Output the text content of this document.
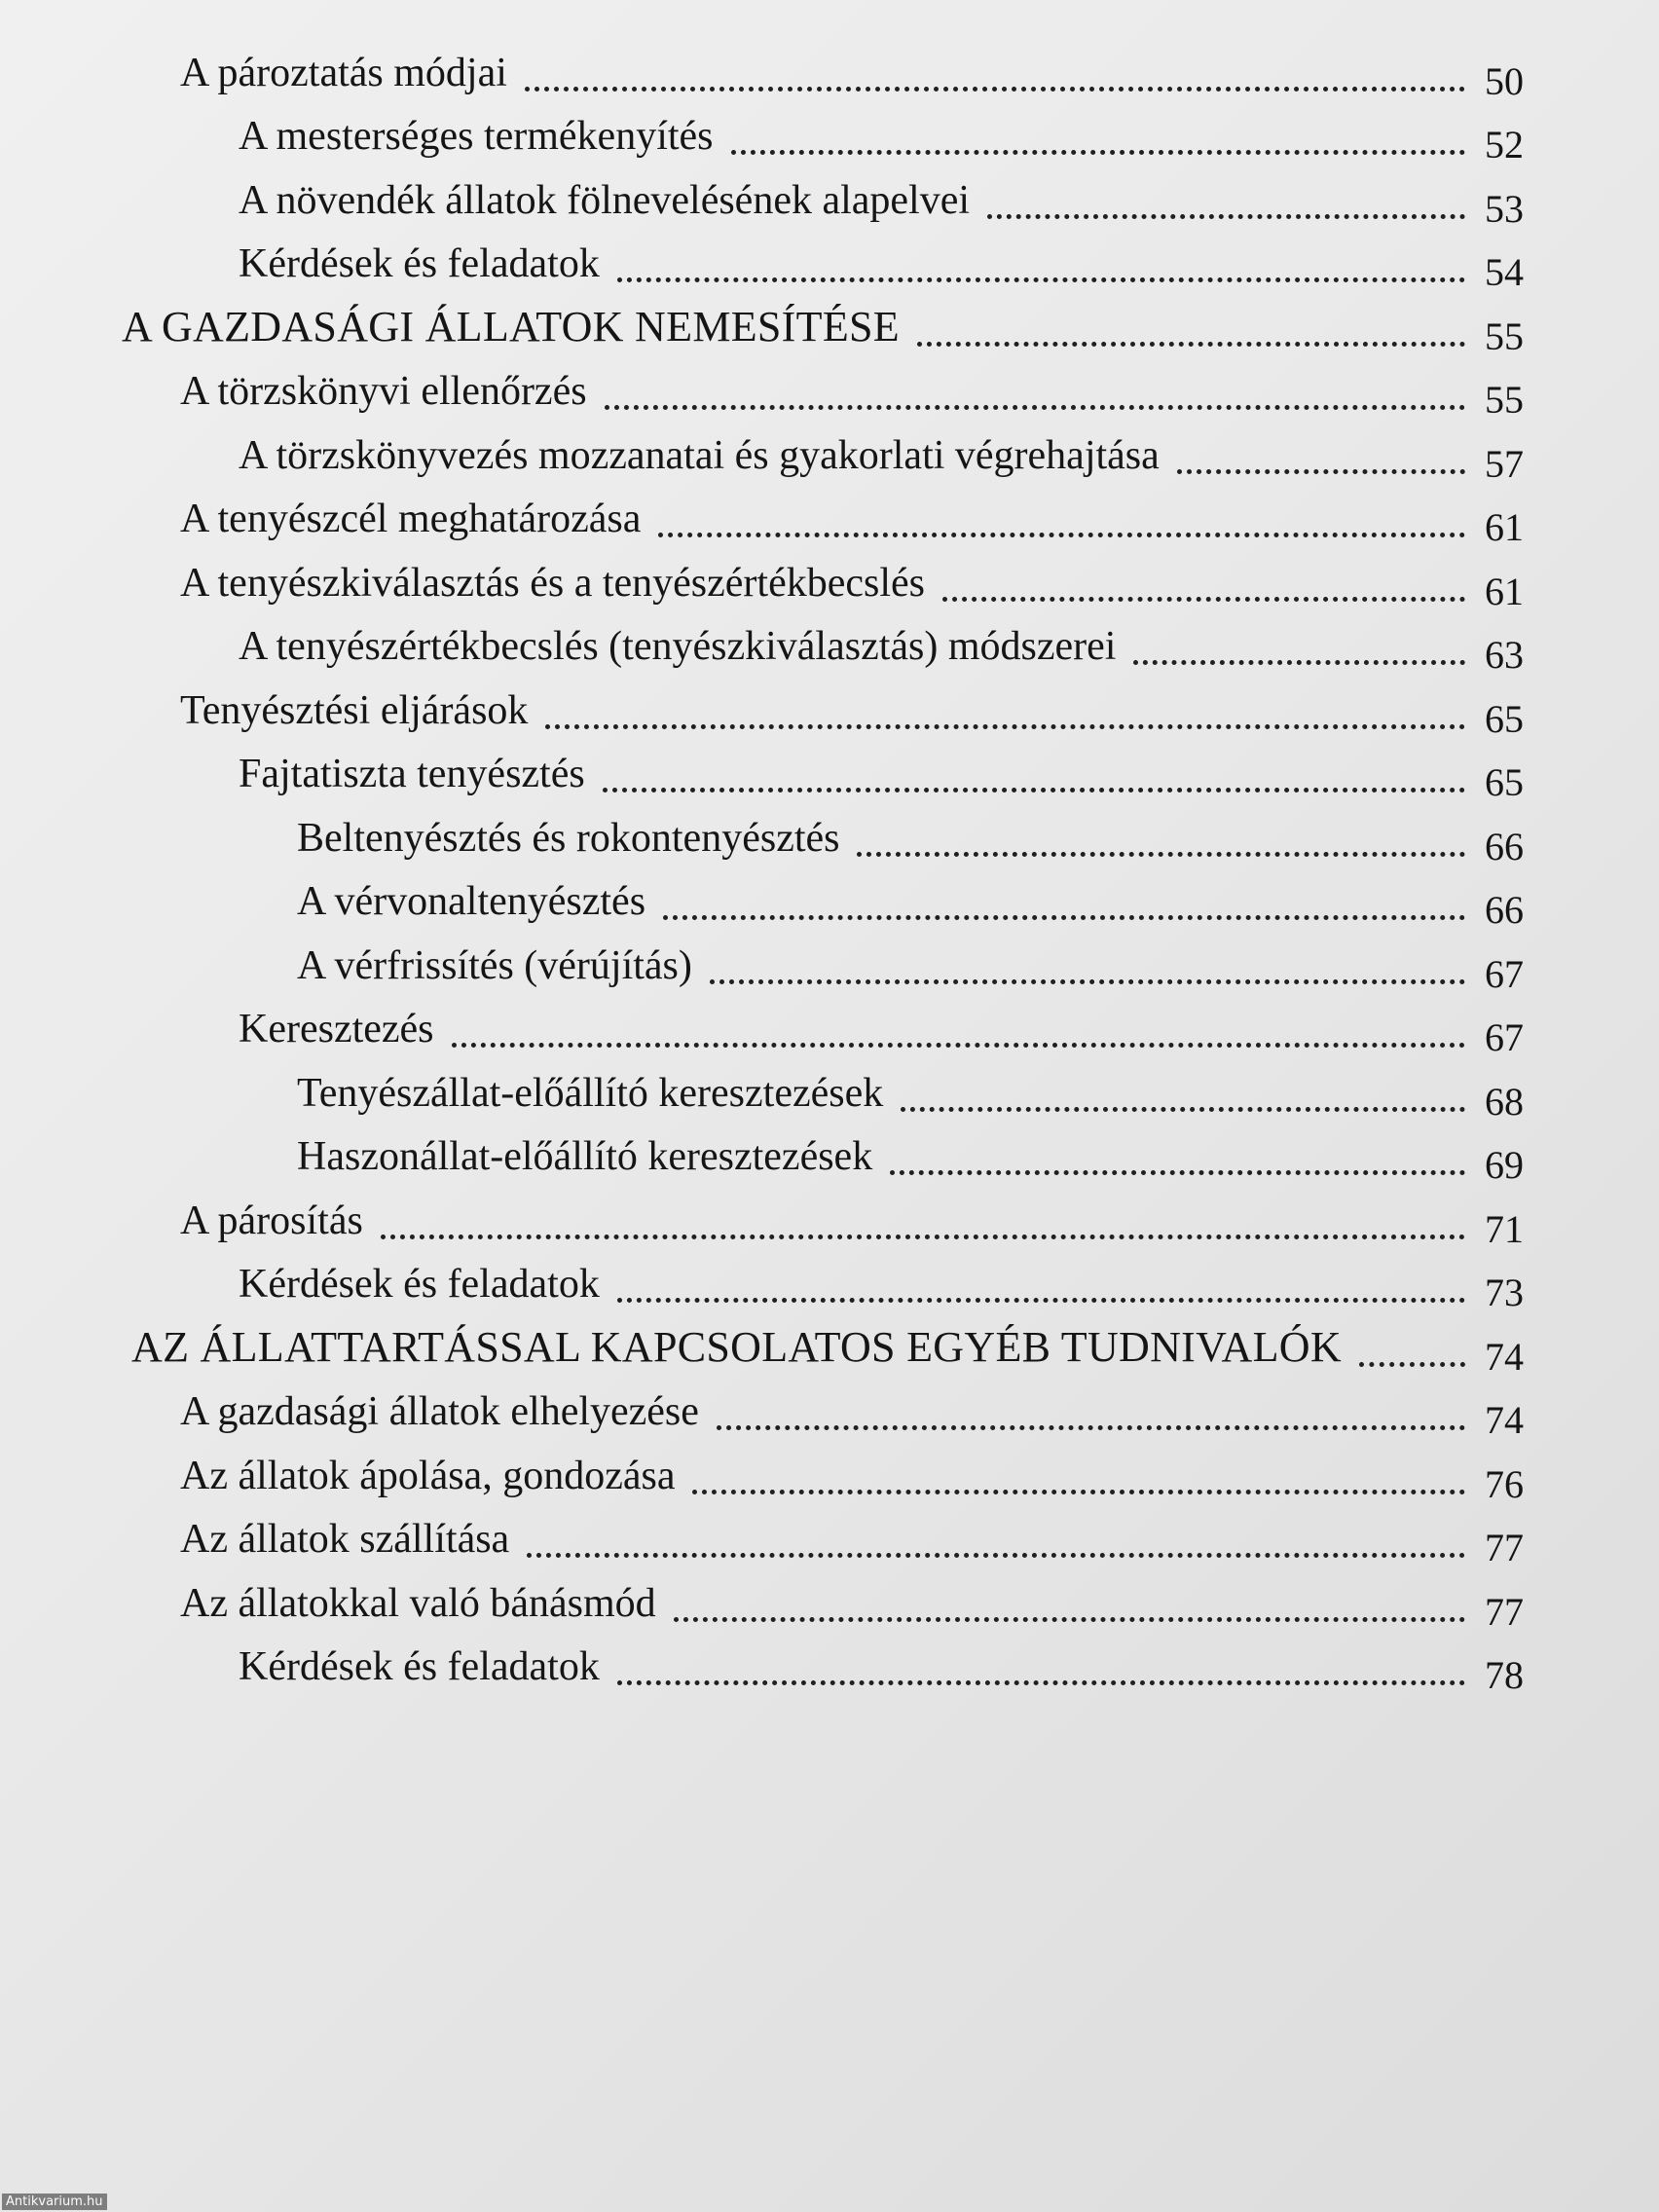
A pároztatás módjai	50
A mesterséges termékenyítés	52
A növendék állatok fölnevelésének alapelvei	53
Kérdések és feladatok	54
A GAZDASÁGI ÁLLATOK NEMESÍTÉSE	55
A törzskönyvi ellenőrzés	55
A törzskönyvezés mozzanatai és gyakorlati végrehajtása	57
A tenyészcél meghatározása	61
A tenyészkiválasztás és a tenyészértékbecslés	61
A tenyészértékbecslés (tenyészkiválasztás) módszerei	63
Tenyésztési eljárások	65
Fajtatiszta tenyésztés	65
Beltenyésztés és rokontenyésztés	66
A vérvonaltenyésztés	66
A vérfrissítés (vérújítás)	67
Keresztezés	67
Tenyészállat-előállító keresztezések	68
Haszonállat-előállító keresztezések	69
A párosítás	71
Kérdések és feladatok	73
AZ ÁLLATTARTÁSSAL KAPCSOLATOS EGYÉB TUDNIVALÓK	74
A gazdasági állatok elhelyezése	74
Az állatok ápolása, gondozása	76
Az állatok szállítása	77
Az állatokkal való bánásmód	77
Kérdések és feladatok	78
Antikvarium.hu
